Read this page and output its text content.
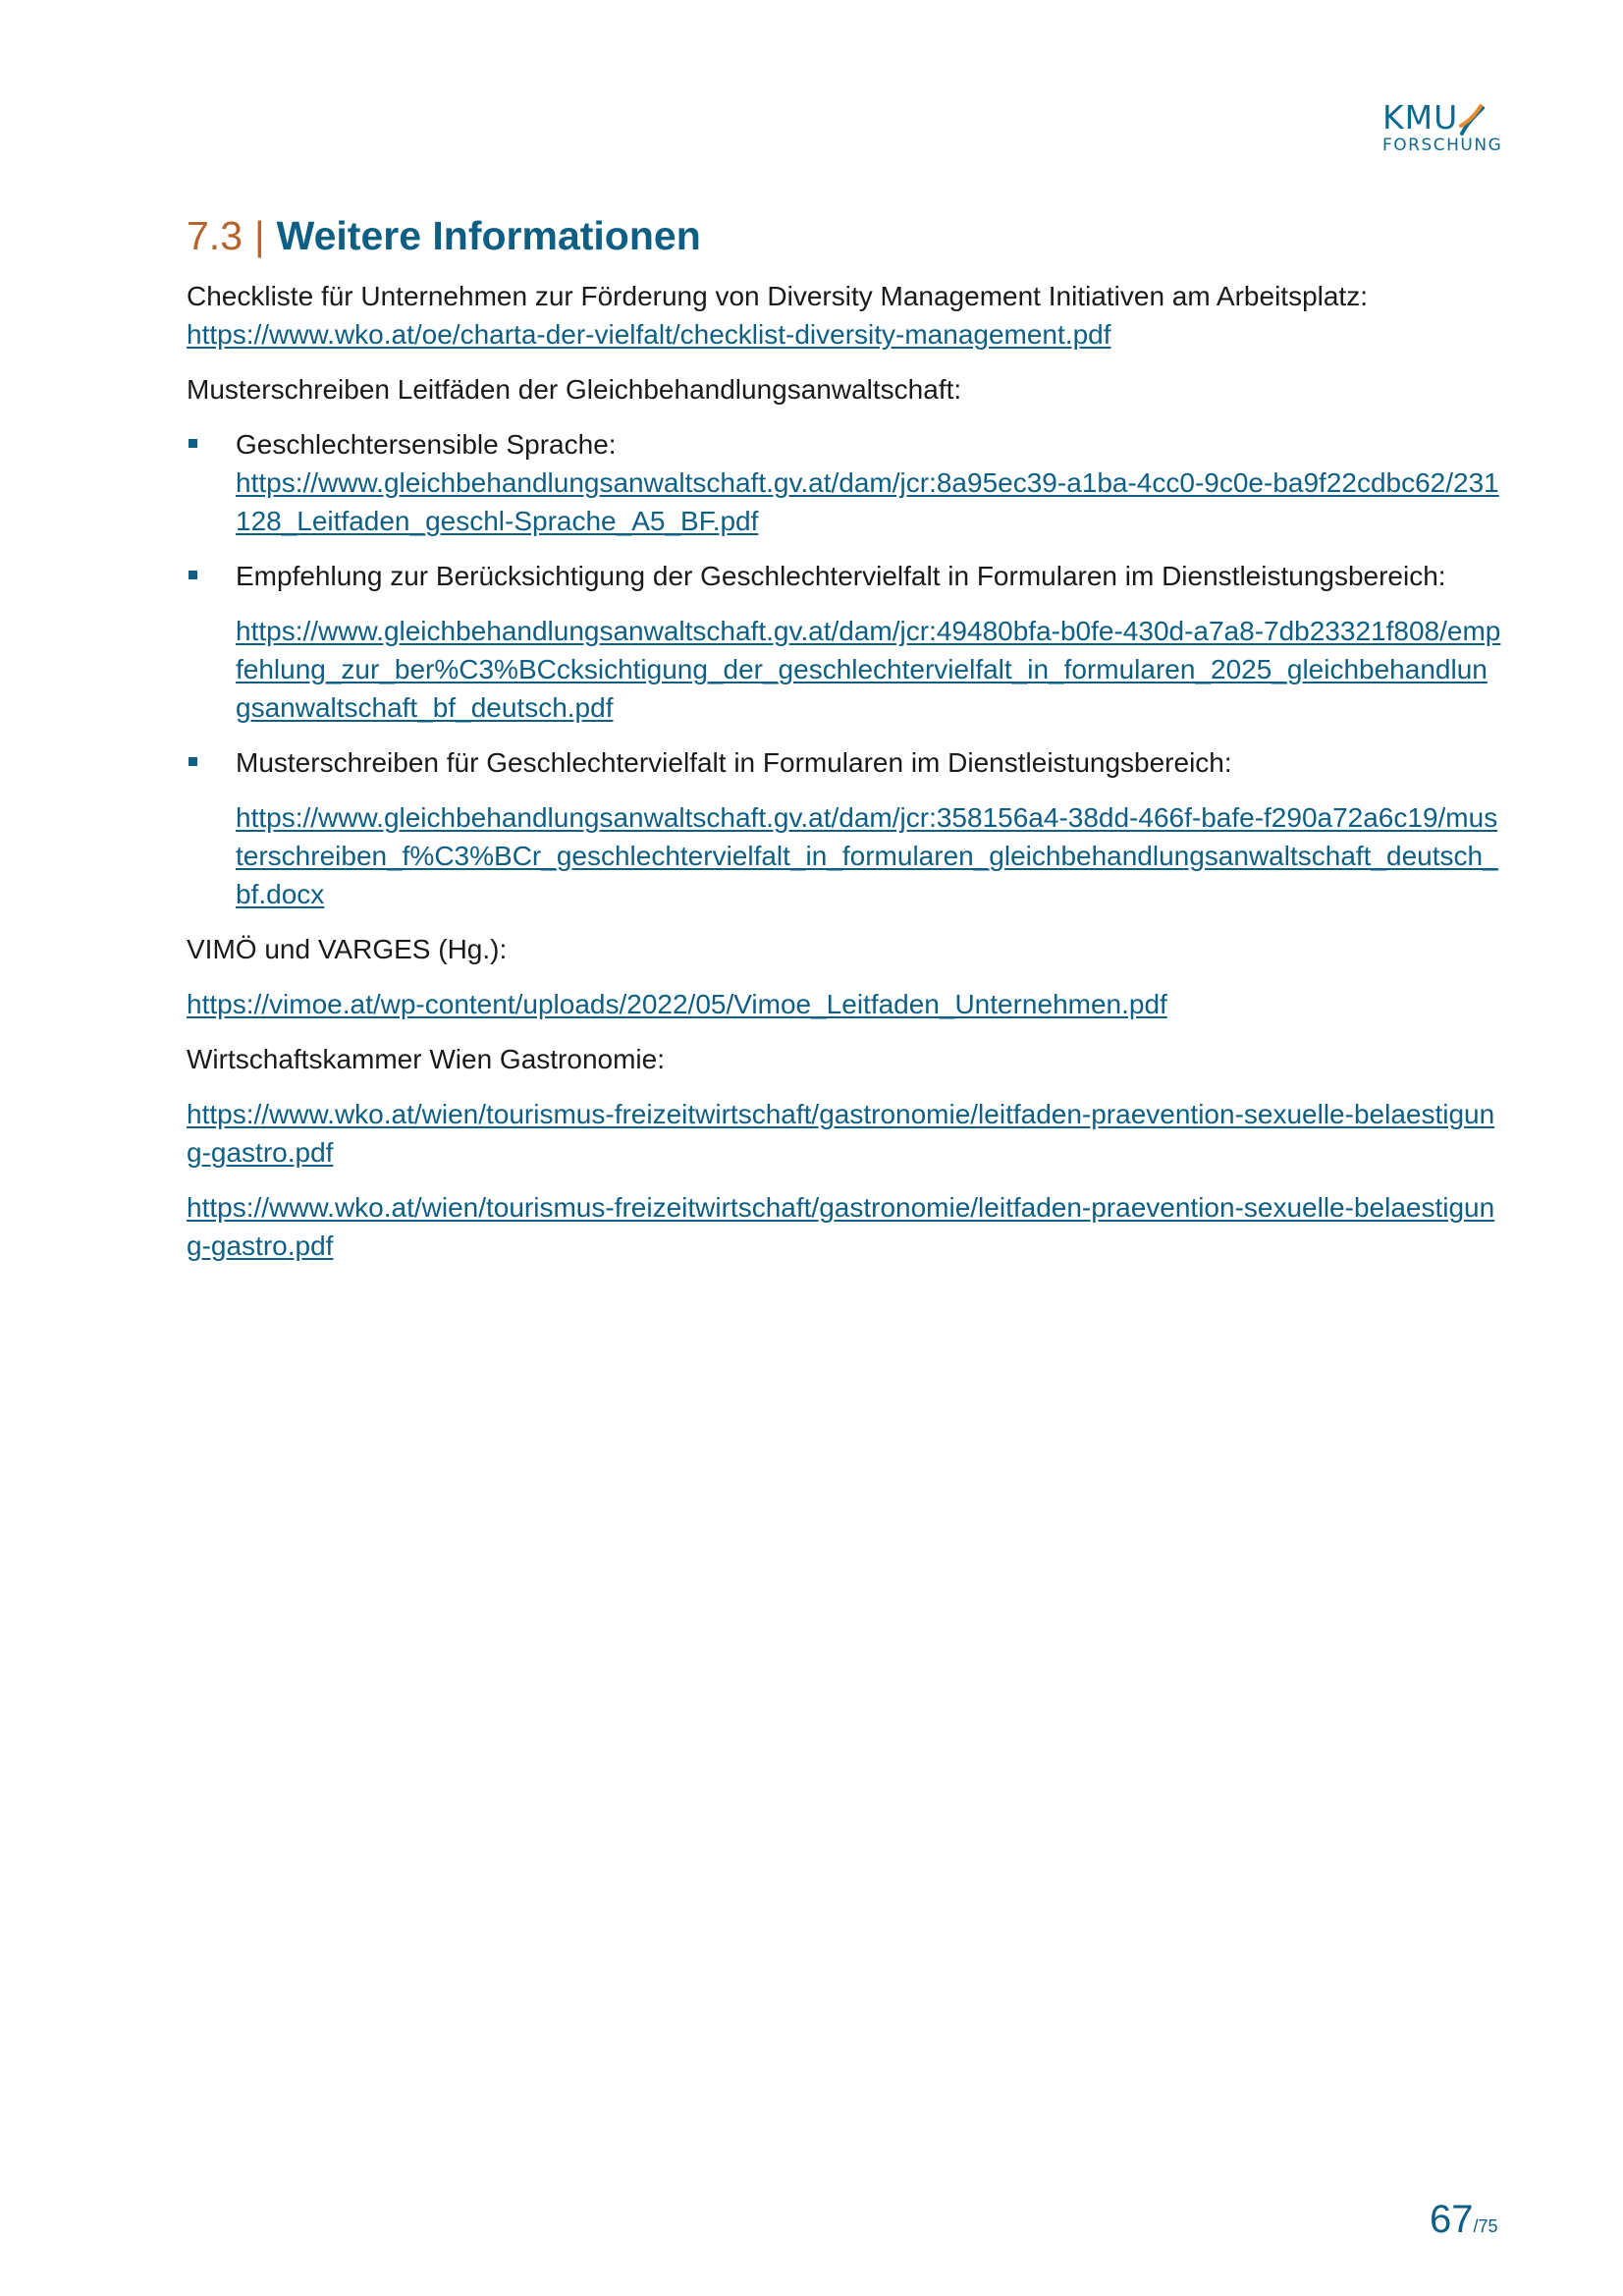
KMU
FORSCHUNG
7.3 | Weitere Informationen

Checkliste für Unternehmen zur Förderung von Diversity Management Initiativen am Arbeitsplatz:

https://www.wko.at/oe/charta-der-vielfalt/checklist-diversity-management.pdf

Musterschreiben Leitfäden der Gleichbehandlungsanwaltschaft:

Geschlechtersensible Sprache:
https://www.gleichbehandlungsanwaltschaft.gv.at/dam/jcr:8a95ec39-a1ba-4cc0-9c0e-ba9f22cdbc62/231128_Leitfaden_geschl-Sprache_A5_BF.pdf
Empfehlung zur Berücksichtigung der Geschlechtervielfalt in Formularen im Dienstleistungsbereich:
https://www.gleichbehandlungsanwaltschaft.gv.at/dam/jcr:49480bfa-b0fe-430d-a7a8-7db23321f808/empfehlung_zur_ber%C3%BCcksichtigung_der_geschlechtervielfalt_in_formularen_2025_gleichbehandlungsanwaltschaft_bf_deutsch.pdf
Musterschreiben für Geschlechtervielfalt in Formularen im Dienstleistungsbereich:
https://www.gleichbehandlungsanwaltschaft.gv.at/dam/jcr:358156a4-38dd-466f-bafe-f290a72a6c19/musterschreiben_f%C3%BCr_geschlechtervielfalt_in_formularen_gleichbehandlungsanwaltschaft_deutsch_bf.docx

VIMÖ und VARGES (Hg.):

https://vimoe.at/wp-content/uploads/2022/05/Vimoe_Leitfaden_Unternehmen.pdf

Wirtschaftskammer Wien Gastronomie:

https://www.wko.at/wien/tourismus-freizeitwirtschaft/gastronomie/leitfaden-praevention-sexuelle-belaestigung-gastro.pdf

https://www.wko.at/wien/tourismus-freizeitwirtschaft/gastronomie/leitfaden-praevention-sexuelle-belaestigung-gastro.pdf

67/75
